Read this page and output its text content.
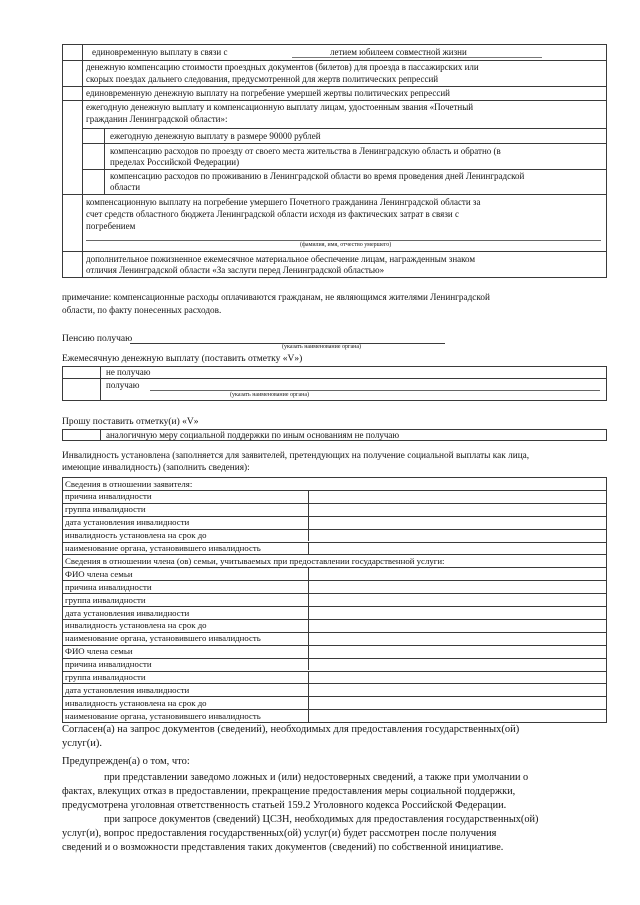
единовременную выплату в связи с	летием юбилеем совместной жизни
денежную компенсацию стоимости проездных документов (билетов) для проезда в пассажирских или
скорых поездах дальнего следования, предусмотренной для жертв политических репрессий
единовременную денежную выплату на погребение умершей жертвы политических репрессий
ежегодную денежную выплату и компенсационную выплату лицам, удостоенным звания «Почетный
гражданин Ленинградской области»:
ежегодную денежную выплату в размере 90000 рублей
компенсацию расходов по проезду от своего места жительства в Ленинградскую область и обратно (в
пределах Российской Федерации)
компенсацию расходов по проживанию в Ленинградской области во время проведения дней Ленинградской
области
компенсационную выплату на погребение умершего Почетного гражданина Ленинградской области за
счет средств областного бюджета Ленинградской области исходя из фактических затрат в связи с
погребением
(фамилия, имя, отчество умершего)
дополнительное пожизненное ежемесячное материальное обеспечение лицам, награжденным знаком
отличия Ленинградской области «За заслуги перед Ленинградской областью»
примечание: компенсационные расходы оплачиваются гражданам, не являющимся жителями Ленинградской
области, по факту понесенных расходов.
Пенсию получаю
(указать наименование органа)
Ежемесячную денежную выплату (поставить отметку «V»)
не получаю
получаю
(указать наименование органа)
Прошу поставить отметку(и) «V»
аналогичную меру социальной поддержки по иным основаниям не получаю
Инвалидность установлена (заполняется для заявителей, претендующих на получение социальной выплаты как лица,
имеющие инвалидность) (заполнить сведения):
Сведения в отношении заявителя:
причина инвалидности
группа инвалидности
дата установления инвалидности
инвалидность установлена на срок до
наименование органа, установившего инвалидность
Сведения в отношении члена (ов) семьи, учитываемых при предоставлении государственной услуги:
ФИО члена семьи
причина инвалидности
группа инвалидности
дата установления инвалидности
инвалидность установлена на срок до
наименование органа, установившего инвалидность
ФИО члена семьи
причина инвалидности
группа инвалидности
дата установления инвалидности
инвалидность установлена на срок до
наименование органа, установившего инвалидность
Согласен(а) на запрос документов (сведений), необходимых для предоставления государственных(ой)
услуг(и).
Предупрежден(а) о том, что:
при представлении заведомо ложных и (или) недостоверных сведений, а также при умолчании о
фактах, влекущих отказ в предоставлении, прекращение предоставления меры социальной поддержки,
предусмотрена уголовная ответственность статьей 159.2 Уголовного кодекса Российской Федерации.
при запросе документов (сведений) ЦСЗН, необходимых для предоставления государственных(ой)
услуг(и), вопрос предоставления государственных(ой) услуг(и) будет рассмотрен после получения
сведений и о возможности представления таких документов (сведений) по собственной инициативе.
